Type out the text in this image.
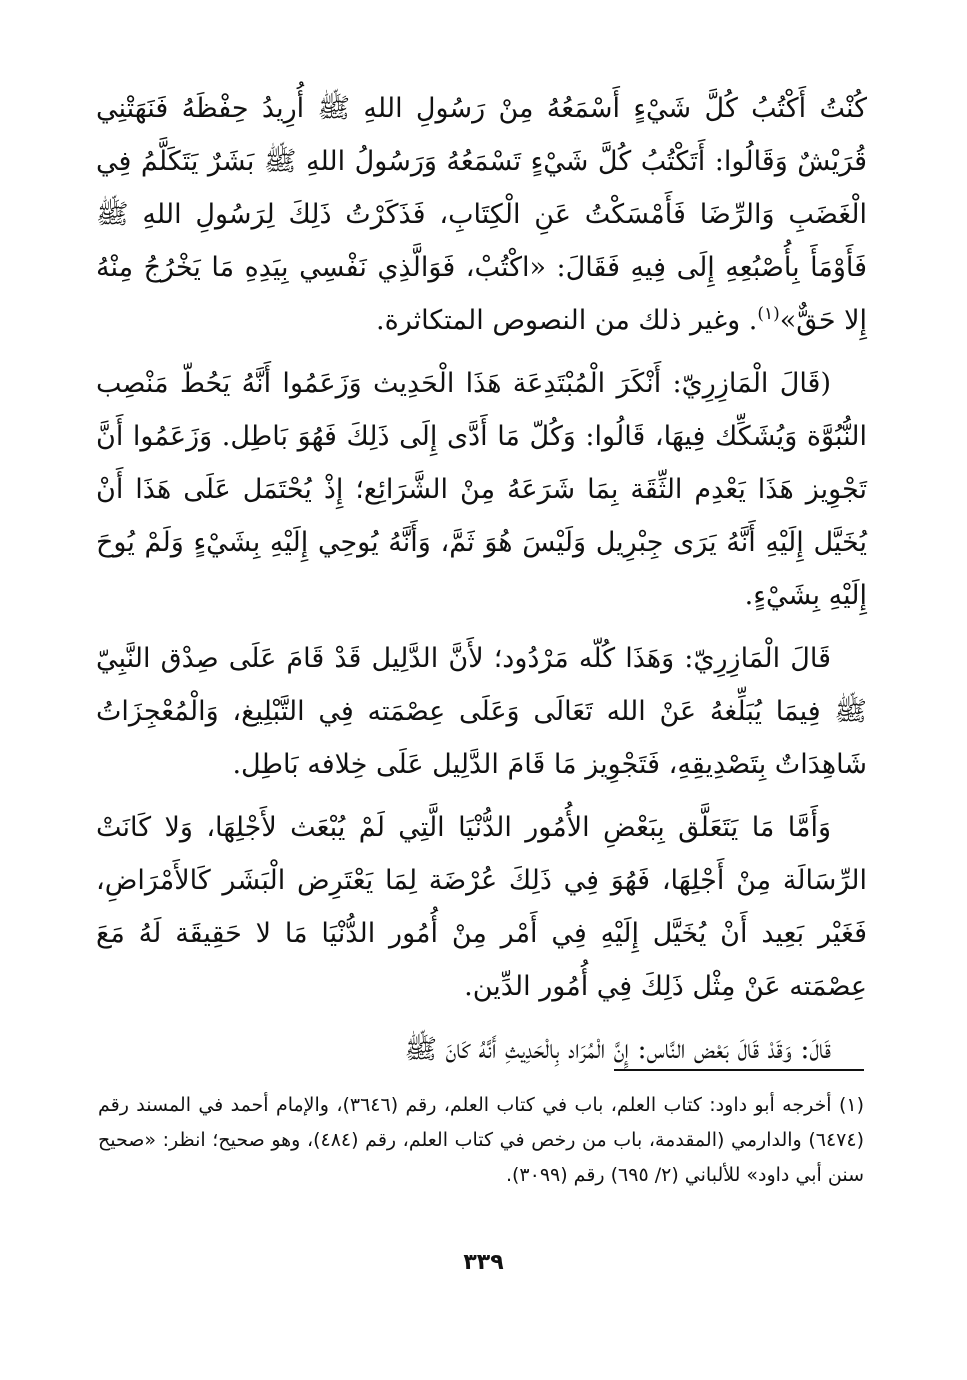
كُنْتُ أَكْتُبُ كُلَّ شَيْءٍ أَسْمَعُهُ مِنْ رَسُولِ اللهِ ﷺ أُرِيدُ حِفْظَهُ فَنَهَتْنِي قُرَيْشٌ وَقَالُوا: أَتَكْتُبُ كُلَّ شَيْءٍ تَسْمَعُهُ وَرَسُولُ اللهِ ﷺ بَشَرٌ يَتَكَلَّمُ فِي الْغَضَبِ وَالرِّضَا فَأَمْسَكْتُ عَنِ الْكِتَابِ، فَذَكَرْتُ ذَلِكَ لِرَسُولِ اللهِ ﷺ فَأَوْمَأَ بِأُصْبُعِهِ إِلَى فِيهِ فَقَالَ: «اكْتُبْ، فَوَالَّذِي نَفْسِي بِيَدِهِ مَا يَخْرُجُ مِنْهُ إِلا حَقٌّ»$^{(١)}$. وغير ذلك من النصوص المتكاثرة.

(قَالَ الْمَازِرِيّ: أَنْكَرَ الْمُبْتَدِعَة هَذَا الْحَدِيث وَزَعَمُوا أَنَّهُ يَحُطّ مَنْصِب النُّبُوَّة وَيُشَكِّك فِيهَا، قَالُوا: وَكُلّ مَا أَدَّى إِلَى ذَلِكَ فَهُوَ بَاطِل. وَزَعَمُوا أَنَّ تَجْوِيز هَذَا يَعْدِم الثِّقَة بِمَا شَرَعَهُ مِنْ الشَّرَائِع؛ إِذْ يُحْتَمَل عَلَى هَذَا أَنْ يُخَيَّل إِلَيْهِ أَنَّهُ يَرَى جِبْرِيل وَلَيْسَ هُوَ ثَمَّ، وَأَنَّهُ يُوحِي إِلَيْهِ بِشَيْءٍ وَلَمْ يُوحَ إِلَيْهِ بِشَيْءٍ.

قَالَ الْمَازِرِيّ: وَهَذَا كُلّه مَرْدُود؛ لأَنَّ الدَّلِيل قَدْ قَامَ عَلَى صِدْق النَّبِيّ ﷺ فِيمَا يُبَلِّغهُ عَنْ الله تَعَالَى وَعَلَى عِصْمَته فِي التَّبْلِيغ، وَالْمُعْجِزَاتُ شَاهِدَاتٌ بِتَصْدِيقِهِ، فَتَجْوِيز مَا قَامَ الدَّلِيل عَلَى خِلافه بَاطِل.

وَأَمَّا مَا يَتَعَلَّق بِبَعْضِ الأُمُور الدُّنْيَا الَّتِي لَمْ يُبْعَث لأَجْلِهَا، وَلا كَانَتْ الرِّسَالَة مِنْ أَجْلِهَا، فَهُوَ فِي ذَلِكَ عُرْضَة لِمَا يَعْتَرِض الْبَشَر كَالأَمْرَاضِ، فَغَيْر بَعِيد أَنْ يُخَيَّل إِلَيْهِ فِي أَمْر مِنْ أُمُور الدُّنْيَا مَا لا حَقِيقَة لَهُ مَعَ عِصْمَته عَنْ مِثْل ذَلِكَ فِي أُمُور الدِّين.

قَالَ: وَقَدْ قَالَ بَعْض النَّاس: إِنَّ الْمُرَاد بِالْحَدِيثِ أَنَّهُ كَانَ ﷺ

(١) أخرجه أبو داود: كتاب العلم، باب في كتاب العلم، رقم (٣٦٤٦)، والإمام أحمد في المسند رقم (٦٤٧٤) والدارمي (المقدمة، باب من رخص في كتاب العلم، رقم (٤٨٤)، وهو صحيح؛ انظر: «صحيح سنن أبي داود» للألباني (٢/ ٦٩٥) رقم (٣٠٩٩).

٣٣٩
